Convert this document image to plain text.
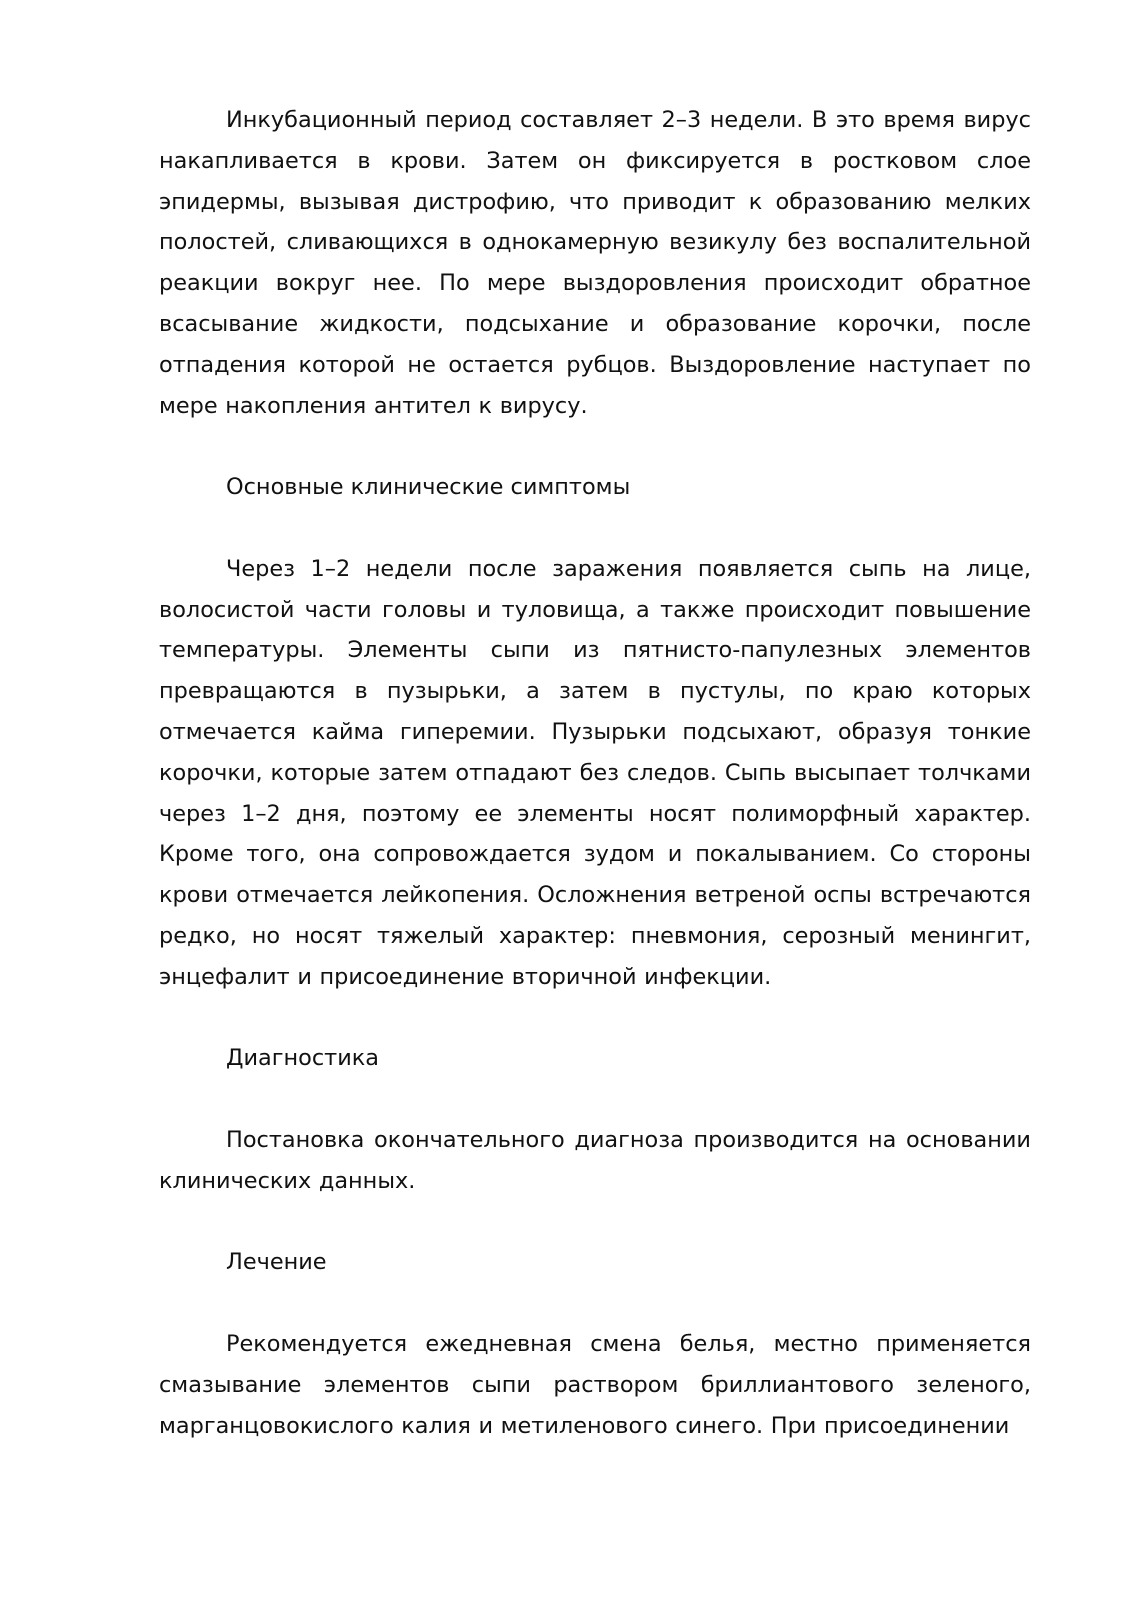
Инкубационный период составляет 2–3 недели. В это время вирус накапливается в крови. Затем он фиксируется в ростковом слое эпидермы, вызывая дистрофию, что приводит к образованию мелких полостей, сливающихся в однокамерную везикулу без воспалительной реакции вокруг нее. По мере выздоровления происходит обратное всасывание жидкости, подсыхание и образование корочки, после отпадения которой не остается рубцов. Выздоровление наступает по мере накопления антител к вирусу.

Основные клинические симптомы

Через 1–2 недели после заражения появляется сыпь на лице, волосистой части головы и туловища, а также происходит повышение температуры. Элементы сыпи из пятнисто-папулезных элементов превращаются в пузырьки, а затем в пустулы, по краю которых отмечается кайма гиперемии. Пузырьки подсыхают, образуя тонкие корочки, которые затем отпадают без следов. Сыпь высыпает толчками через 1–2 дня, поэтому ее элементы носят полиморфный характер. Кроме того, она сопровождается зудом и покалыванием. Со стороны крови отмечается лейкопения. Осложнения ветреной оспы встречаются редко, но носят тяжелый характер: пневмония, серозный менингит, энцефалит и присоединение вторичной инфекции.

Диагностика

Постановка окончательного диагноза производится на основании клинических данных.

Лечение

Рекомендуется ежедневная смена белья, местно применяется смазывание элементов сыпи раствором бриллиантового зеленого, марганцовокислого калия и метиленового синего. При присоединении
